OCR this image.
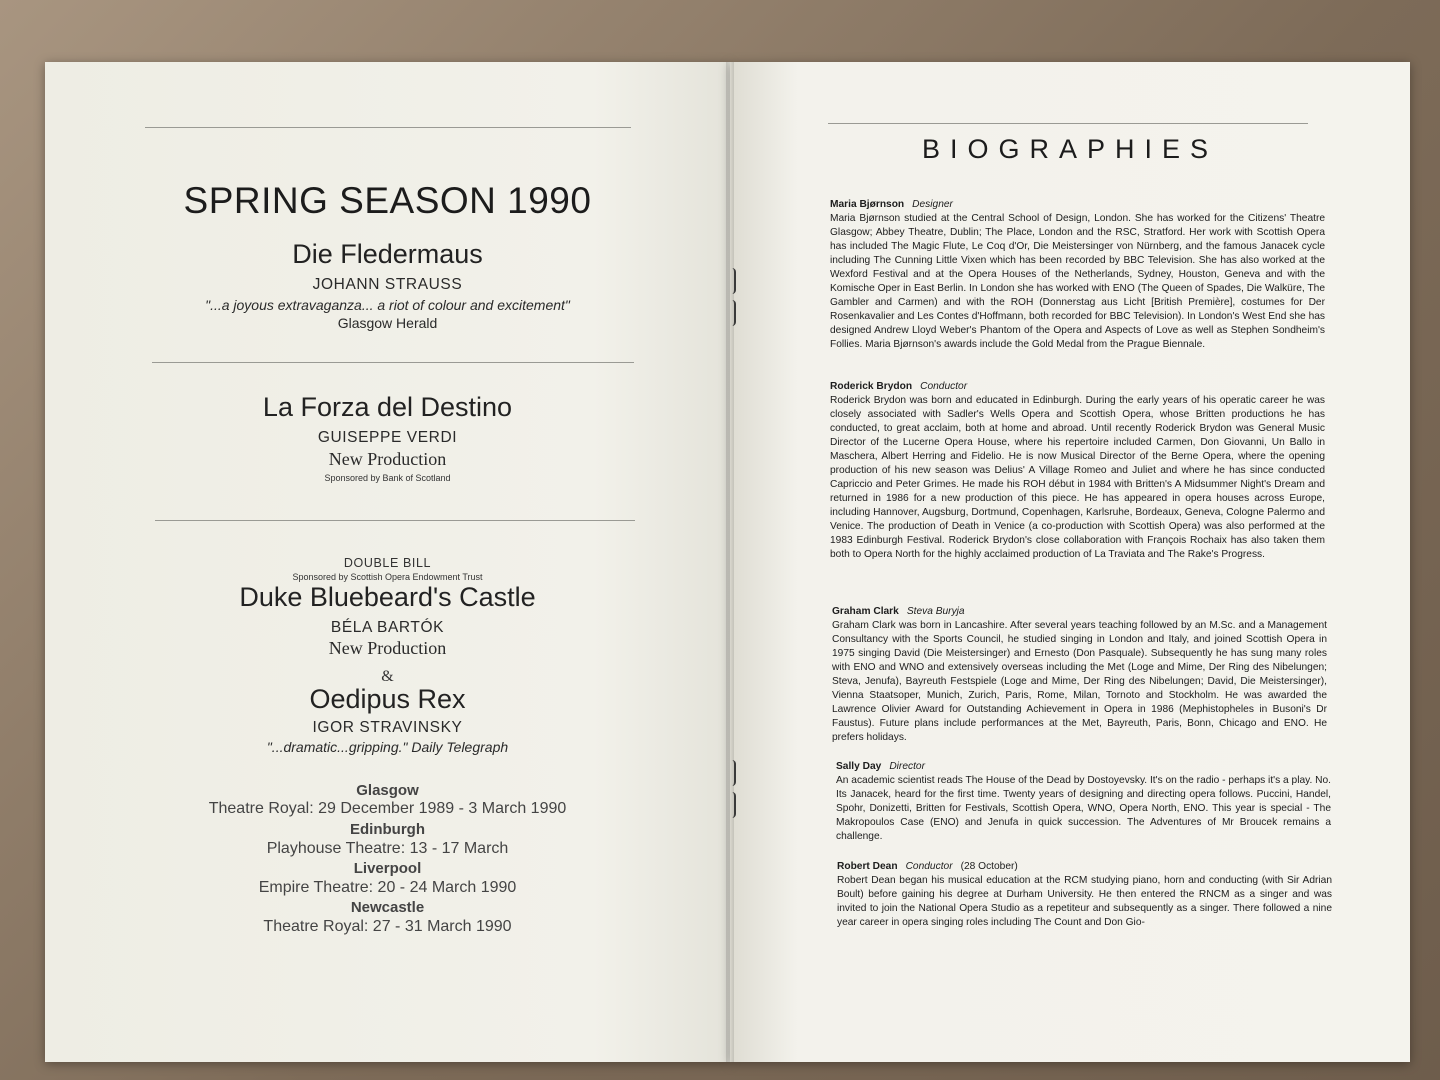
SPRING SEASON 1990
Die Fledermaus
JOHANN STRAUSS
"...a joyous extravaganza... a riot of colour and excitement"
Glasgow Herald
La Forza del Destino
GUISEPPE VERDI
New Production
Sponsored by Bank of Scotland
DOUBLE BILL
Sponsored by Scottish Opera Endowment Trust
Duke Bluebeard's Castle
BÉLA BARTÓK
New Production
&
Oedipus Rex
IGOR STRAVINSKY
"...dramatic...gripping." Daily Telegraph
Glasgow
Theatre Royal: 29 December 1989 - 3 March 1990
Edinburgh
Playhouse Theatre: 13 - 17 March
Liverpool
Empire Theatre: 20 - 24 March 1990
Newcastle
Theatre Royal: 27 - 31 March 1990
BIOGRAPHIES
Maria Bjørnson Designer

Maria Bjørnson studied at the Central School of Design, London. She has worked for the Citizens' Theatre Glasgow; Abbey Theatre, Dublin; The Place, London and the RSC, Stratford. Her work with Scottish Opera has included The Magic Flute, Le Coq d'Or, Die Meistersinger von Nürnberg, and the famous Janacek cycle including The Cunning Little Vixen which has been recorded by BBC Television. She has also worked at the Wexford Festival and at the Opera Houses of the Netherlands, Sydney, Houston, Geneva and with the Komische Oper in East Berlin. In London she has worked with ENO (The Queen of Spades, Die Walküre, The Gambler and Carmen) and with the ROH (Donnerstag aus Licht [British Première], costumes for Der Rosenkavalier and Les Contes d'Hoffmann, both recorded for BBC Television). In London's West End she has designed Andrew Lloyd Weber's Phantom of the Opera and Aspects of Love as well as Stephen Sondheim's Follies. Maria Bjørnson's awards include the Gold Medal from the Prague Biennale.

Roderick Brydon Conductor

Roderick Brydon was born and educated in Edinburgh. During the early years of his operatic career he was closely associated with Sadler's Wells Opera and Scottish Opera, whose Britten productions he has conducted, to great acclaim, both at home and abroad. Until recently Roderick Brydon was General Music Director of the Lucerne Opera House, where his repertoire included Carmen, Don Giovanni, Un Ballo in Maschera, Albert Herring and Fidelio. He is now Musical Director of the Berne Opera, where the opening production of his new season was Delius' A Village Romeo and Juliet and where he has since conducted Capriccio and Peter Grimes. He made his ROH début in 1984 with Britten's A Midsummer Night's Dream and returned in 1986 for a new production of this piece. He has appeared in opera houses across Europe, including Hannover, Augsburg, Dortmund, Copenhagen, Karlsruhe, Bordeaux, Geneva, Cologne Palermo and Venice. The production of Death in Venice (a co-production with Scottish Opera) was also performed at the 1983 Edinburgh Festival. Roderick Brydon's close collaboration with François Rochaix has also taken them both to Opera North for the highly acclaimed production of La Traviata and The Rake's Progress.

Graham Clark Steva Buryja

Graham Clark was born in Lancashire. After several years teaching followed by an M.Sc. and a Management Consultancy with the Sports Council, he studied singing in London and Italy, and joined Scottish Opera in 1975 singing David (Die Meistersinger) and Ernesto (Don Pasquale). Subsequently he has sung many roles with ENO and WNO and extensively overseas including the Met (Loge and Mime, Der Ring des Nibelungen; Steva, Jenufa), Bayreuth Festspiele (Loge and Mime, Der Ring des Nibelungen; David, Die Meistersinger), Vienna Staatsoper, Munich, Zurich, Paris, Rome, Milan, Tornoto and Stockholm. He was awarded the Lawrence Olivier Award for Outstanding Achievement in Opera in 1986 (Mephistopheles in Busoni's Dr Faustus). Future plans include performances at the Met, Bayreuth, Paris, Bonn, Chicago and ENO. He prefers holidays.

Sally Day Director

An academic scientist reads The House of the Dead by Dostoyevsky. It's on the radio - perhaps it's a play. No. Its Janacek, heard for the first time. Twenty years of designing and directing opera follows. Puccini, Handel, Spohr, Donizetti, Britten for Festivals, Scottish Opera, WNO, Opera North, ENO. This year is special - The Makropoulos Case (ENO) and Jenufa in quick succession. The Adventures of Mr Broucek remains a challenge.

Robert Dean Conductor (28 October)

Robert Dean began his musical education at the RCM studying piano, horn and conducting (with Sir Adrian Boult) before gaining his degree at Durham University. He then entered the RNCM as a singer and was invited to join the National Opera Studio as a repetiteur and subsequently as a singer. There followed a nine year career in opera singing roles including The Count and Don Gio-
